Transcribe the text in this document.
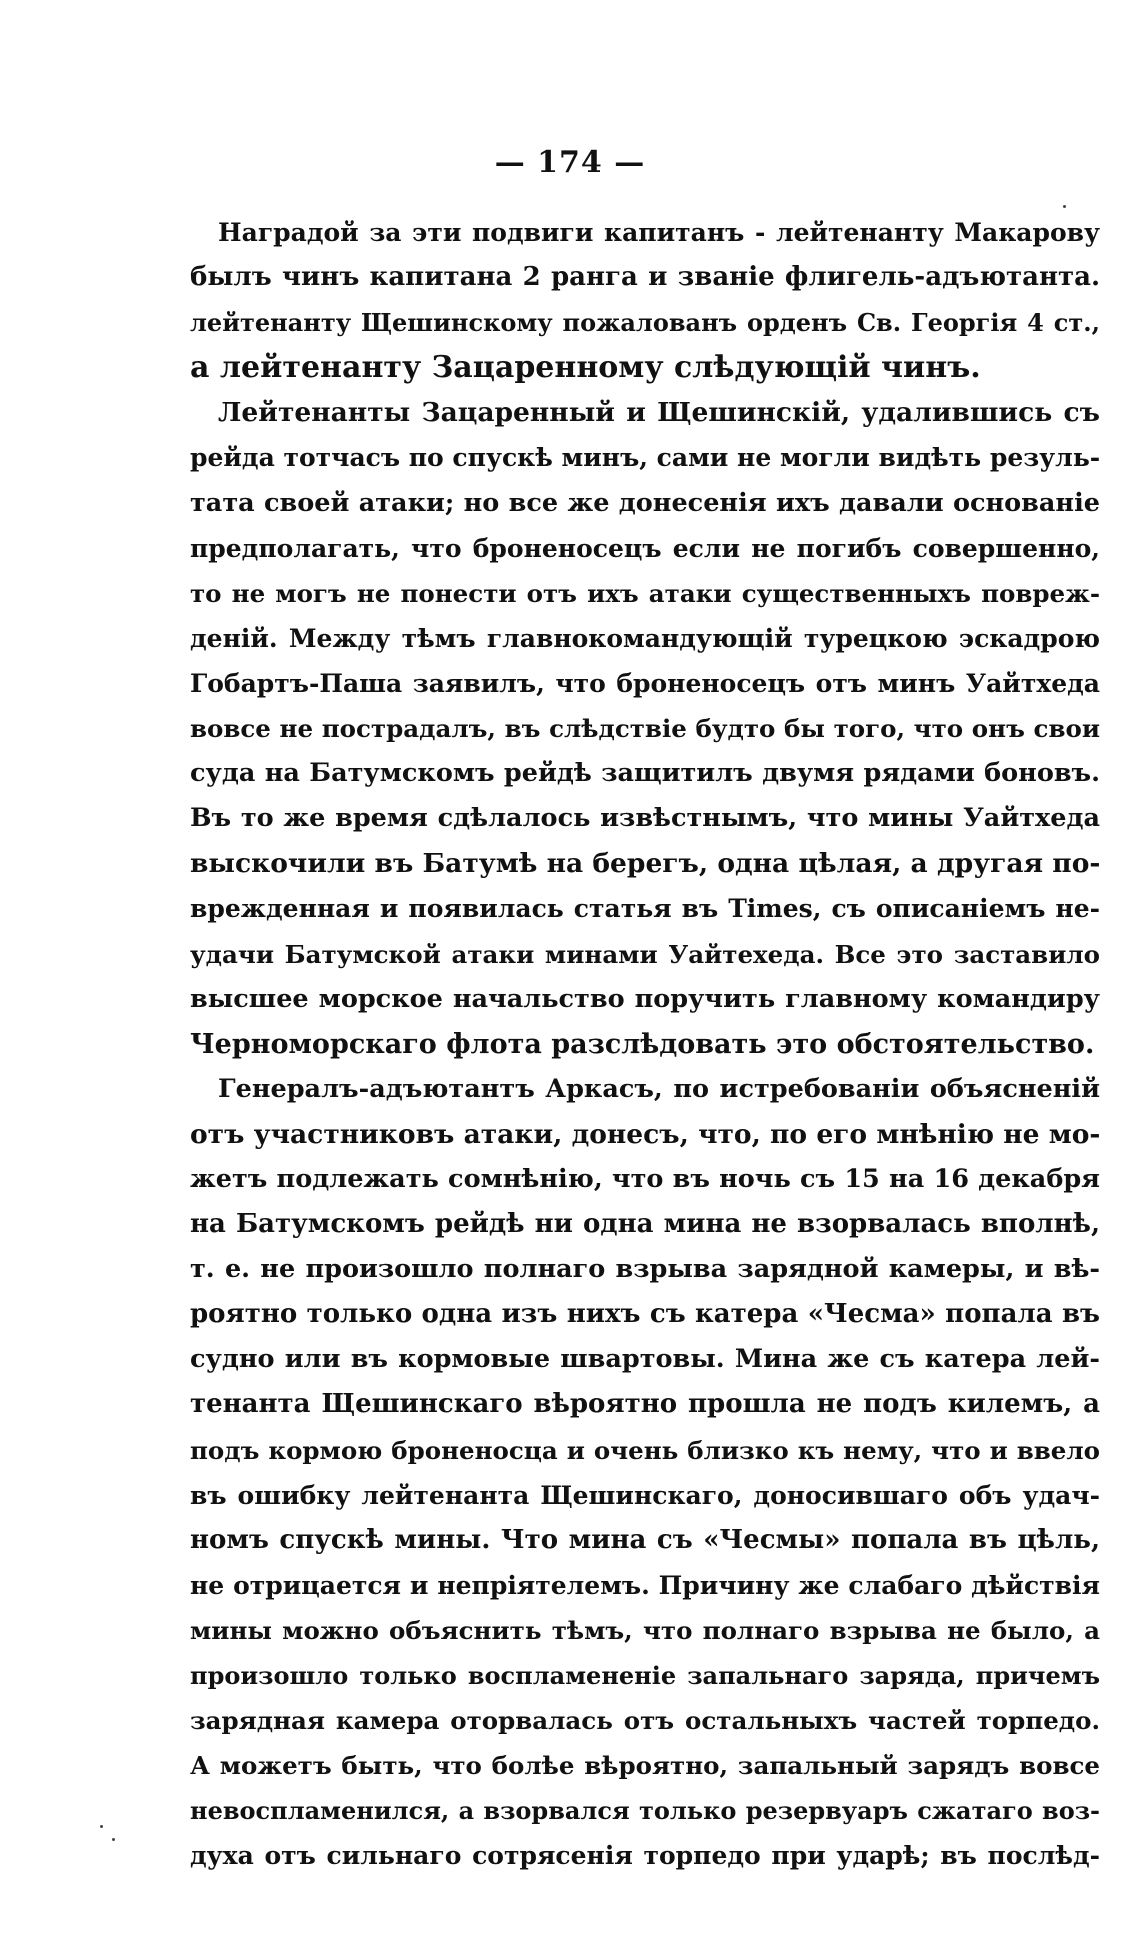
— 174 —
Наградой за эти подвиги капитанъ - лейтенанту Макарову
былъ чинъ капитана 2 ранга и званіе флигель-адъютанта.
лейтенанту Щешинскому пожалованъ орденъ Св. Георгія 4 ст.,
а лейтенанту Зацаренному слѣдующій чинъ.
Лейтенанты Зацаренный и Щешинскій, удалившись съ
рейда тотчасъ по спускѣ минъ, сами не могли видѣть резуль-
тата своей атаки; но все же донесенія ихъ давали основаніе
предполагать, что броненосецъ если не погибъ совершенно,
то не могъ не понести отъ ихъ атаки существенныхъ повреж-
деній. Между тѣмъ главнокомандующій турецкою эскадрою
Гобартъ-Паша заявилъ, что броненосецъ отъ минъ Уайтхеда
вовсе не пострадалъ, въ слѣдствіе будто бы того, что онъ свои
суда на Батумскомъ рейдѣ защитилъ двумя рядами боновъ.
Въ то же время сдѣлалось извѣстнымъ, что мины Уайтхеда
выскочили въ Батумѣ на берегъ, одна цѣлая, а другая по-
врежденная и появилась статья въ Times, съ описаніемъ не-
удачи Батумской атаки минами Уайтехеда. Все это заставило
высшее морское начальство поручить главному командиру
Черноморскаго флота разслѣдовать это обстоятельство.
Генералъ-адъютантъ Аркасъ, по истребованіи объясненій
отъ участниковъ атаки, донесъ, что, по его мнѣнію не мо-
жетъ подлежать сомнѣнію, что въ ночь съ 15 на 16 декабря
на Батумскомъ рейдѣ ни одна мина не взорвалась вполнѣ,
т. е. не произошло полнаго взрыва зарядной камеры, и вѣ-
роятно только одна изъ нихъ съ катера «Чесма» попала въ
судно или въ кормовые швартовы. Мина же съ катера лей-
тенанта Щешинскаго вѣроятно прошла не подъ килемъ, а
подъ кормою броненосца и очень близко къ нему, что и ввело
въ ошибку лейтенанта Щешинскаго, доносившаго объ удач-
номъ спускѣ мины. Что мина съ «Чесмы» попала въ цѣль,
не отрицается и непріятелемъ. Причину же слабаго дѣйствія
мины можно объяснить тѣмъ, что полнаго взрыва не было, а
произошло только воспламененіе запальнаго заряда, причемъ
зарядная камера оторвалась отъ остальныхъ частей торпедо.
А можетъ быть, что болѣе вѣроятно, запальный зарядъ вовсе
невоспламенился, а взорвался только резервуаръ сжатаго воз-
духа отъ сильнаго сотрясенія торпедо при ударѣ; въ послѣд-
